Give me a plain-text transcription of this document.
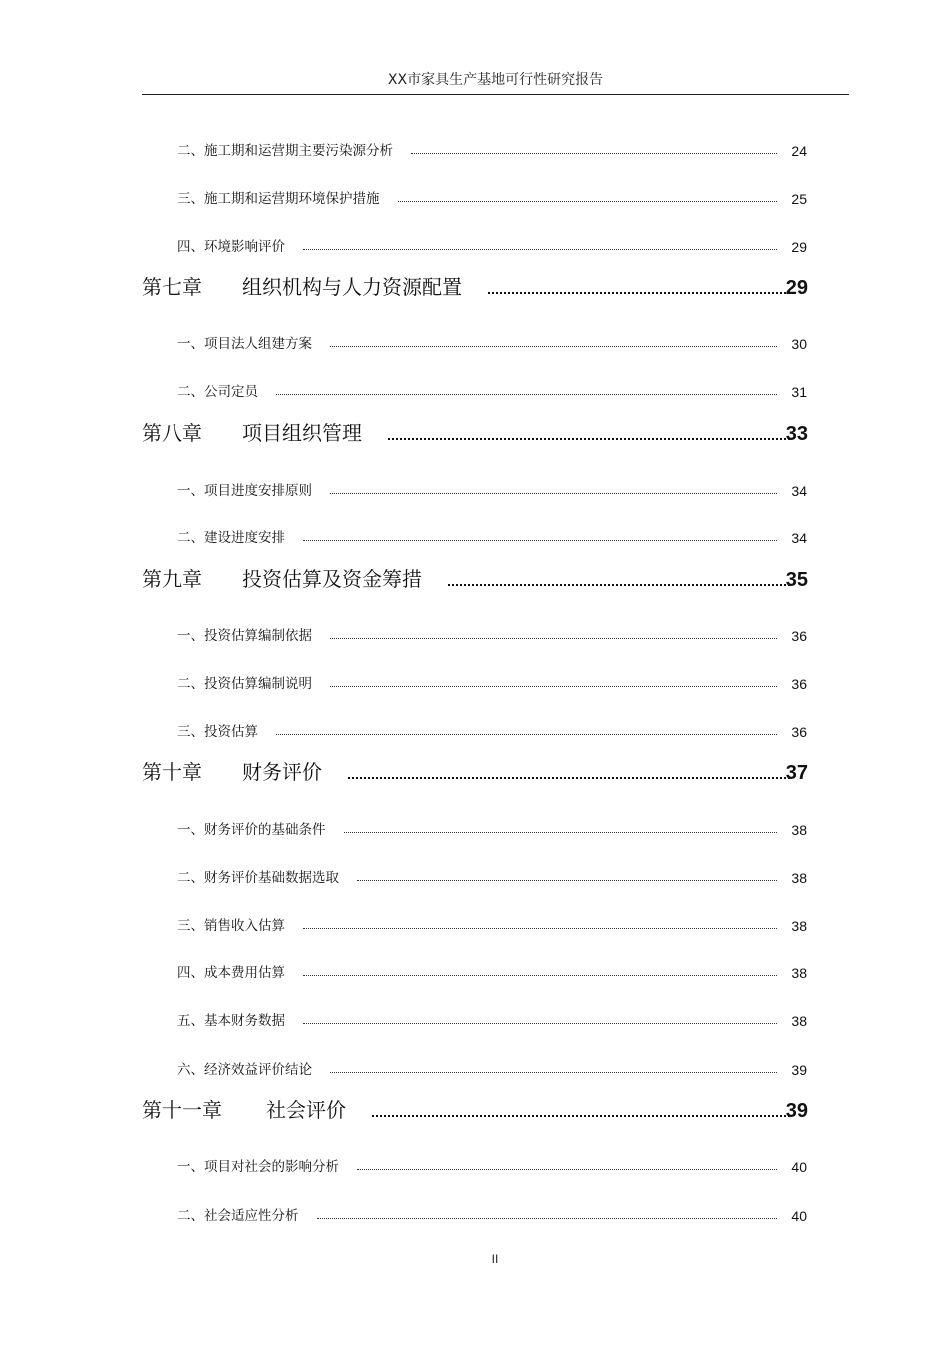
XX市家具生产基地可行性研究报告
二、施工期和运营期主要污染源分析	24
三、施工期和运营期环境保护措施	25
四、环境影响评价	29
第七章	组织机构与人力资源配置	29
一、项目法人组建方案	30
二、公司定员	31
第八章	项目组织管理	33
一、项目进度安排原则	34
二、建设进度安排	34
第九章	投资估算及资金筹措	35
一、投资估算编制依据	36
二、投资估算编制说明	36
三、投资估算	36
第十章	财务评价	37
一、财务评价的基础条件	38
二、财务评价基础数据选取	38
三、销售收入估算	38
四、成本费用估算	38
五、基本财务数据	38
六、经济效益评价结论	39
第十一章	社会评价	39
一、项目对社会的影响分析	40
二、社会适应性分析	40
II
